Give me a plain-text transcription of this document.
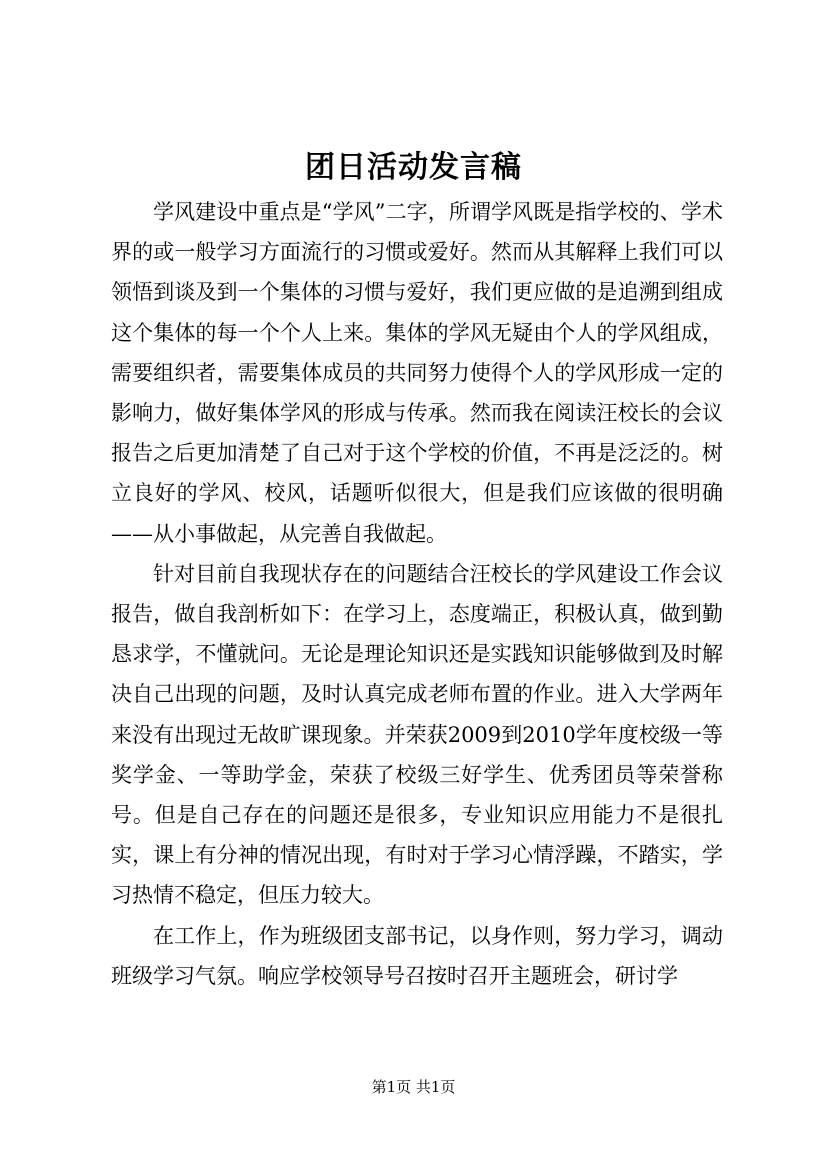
团日活动发言稿

学风建设中重点是“学风”二字，所谓学风既是指学校的、学术界的或一般学习方面流行的习惯或爱好。然而从其解释上我们可以领悟到谈及到一个集体的习惯与爱好，我们更应做的是追溯到组成这个集体的每一个个人上来。集体的学风无疑由个人的学风组成，需要组织者，需要集体成员的共同努力使得个人的学风形成一定的影响力，做好集体学风的形成与传承。然而我在阅读汪校长的会议报告之后更加清楚了自己对于这个学校的价值，不再是泛泛的。树立良好的学风、校风，话题听似很大，但是我们应该做的很明确——从小事做起，从完善自我做起。

针对目前自我现状存在的问题结合汪校长的学风建设工作会议报告，做自我剖析如下：在学习上，态度端正，积极认真，做到勤恳求学，不懂就问。无论是理论知识还是实践知识能够做到及时解决自己出现的问题，及时认真完成老师布置的作业。进入大学两年来没有出现过无故旷课现象。并荣获2009到2010学年度校级一等奖学金、一等助学金，荣获了校级三好学生、优秀团员等荣誉称号。但是自己存在的问题还是很多，专业知识应用能力不是很扎实，课上有分神的情况出现，有时对于学习心情浮躁，不踏实，学习热情不稳定，但压力较大。

在工作上，作为班级团支部书记，以身作则，努力学习，调动班级学习气氛。响应学校领导号召按时召开主题班会，研讨学

第1页 共1页
